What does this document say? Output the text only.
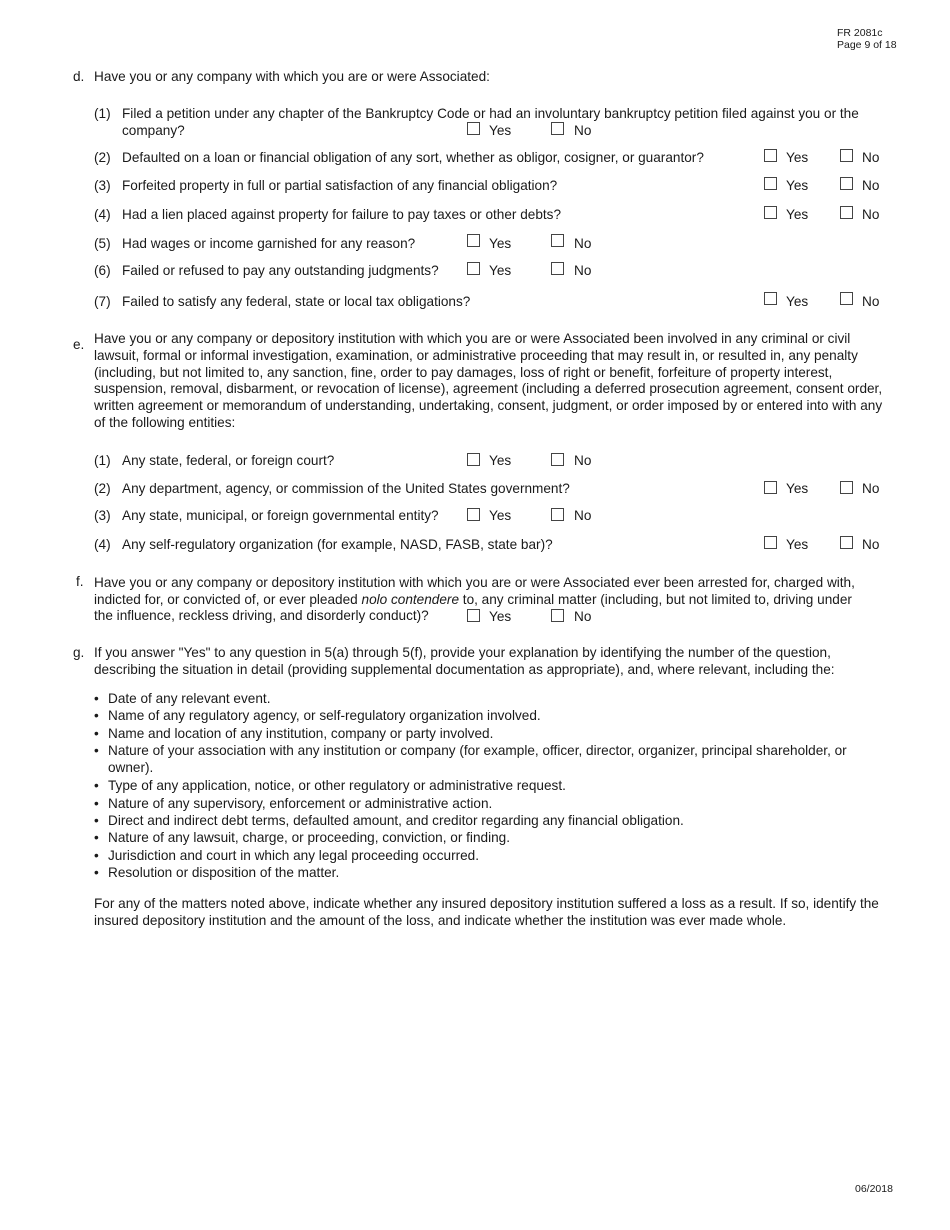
FR 2081c
Page 9 of 18
d. Have you or any company with which you are or were Associated:
(1) Filed a petition under any chapter of the Bankruptcy Code or had an involuntary bankruptcy petition filed against you or the
company?	Yes	No
(2) Defaulted on a loan or financial obligation of any sort, whether as obligor, cosigner, or guarantor?	Yes	No
(3) Forfeited property in full or partial satisfaction of any financial obligation?	Yes	No
(4) Had a lien placed against property for failure to pay taxes or other debts?	Yes	No
(5) Had wages or income garnished for any reason?	Yes	No
(6) Failed or refused to pay any outstanding judgments?	Yes	No
(7) Failed to satisfy any federal, state or local tax obligations?	Yes	No
e. Have you or any company or depository institution with which you are or were Associated been involved in any criminal or civil lawsuit, formal or informal investigation, examination, or administrative proceeding that may result in, or resulted in, any penalty (including, but not limited to, any sanction, fine, order to pay damages, loss of right or benefit, forfeiture of property interest, suspension, removal, disbarment, or revocation of license), agreement (including a deferred prosecution agreement, consent order, written agreement or memorandum of understanding, undertaking, consent, judgment, or order imposed by or entered into with any of the following entities:
(1) Any state, federal, or foreign court?	Yes	No
(2) Any department, agency, or commission of the United States government?	Yes	No
(3) Any state, municipal, or foreign governmental entity?	Yes	No
(4) Any self-regulatory organization (for example, NASD, FASB, state bar)?	Yes	No
f. Have you or any company or depository institution with which you are or were Associated ever been arrested for, charged with,
indicted for, or convicted of, or ever pleaded nolo contendere to, any criminal matter (including, but not limited to, driving under
the influence, reckless driving, and disorderly conduct)?	Yes	No
g. If you answer "Yes" to any question in 5(a) through 5(f), provide your explanation by identifying the number of the question, describing the situation in detail (providing supplemental documentation as appropriate), and, where relevant, including the:
• Date of any relevant event.
• Name of any regulatory agency, or self-regulatory organization involved.
• Name and location of any institution, company or party involved.
• Nature of your association with any institution or company (for example, officer, director, organizer, principal shareholder, or owner).
• Type of any application, notice, or other regulatory or administrative request.
• Nature of any supervisory, enforcement or administrative action.
• Direct and indirect debt terms, defaulted amount, and creditor regarding any financial obligation.
• Nature of any lawsuit, charge, or proceeding, conviction, or finding.
• Jurisdiction and court in which any legal proceeding occurred.
• Resolution or disposition of the matter.
For any of the matters noted above, indicate whether any insured depository institution suffered a loss as a result. If so, identify the insured depository institution and the amount of the loss, and indicate whether the institution was ever made whole.
06/2018
